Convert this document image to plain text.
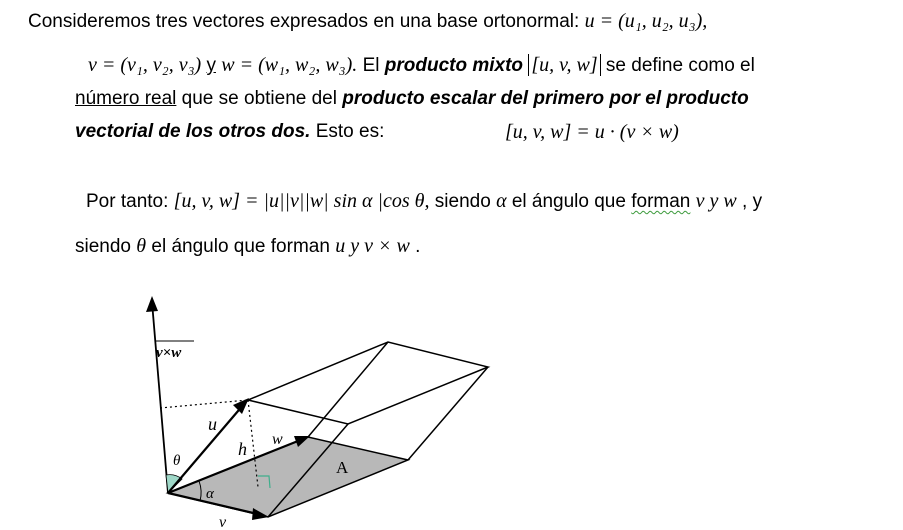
Consideremos tres vectores expresados en una base ortonormal: u = (u₁, u₂, u₃),
v = (v₁, v₂, v₃) y w = (w₁, w₂, w₃). El producto mixto [u, v, w] se define como el
número real que se obtiene del producto escalar del primero por el producto
vectorial de los otros dos. Esto es:	[u, v, w] = u · (v × w)
Por tanto: [u, v, w] = |u||v||w| sin α |cos θ, siendo α el ángulo que forman v y w , y
siendo θ el ángulo que forman u y v × w .
v×w
u
h w
θ
α
A
v
